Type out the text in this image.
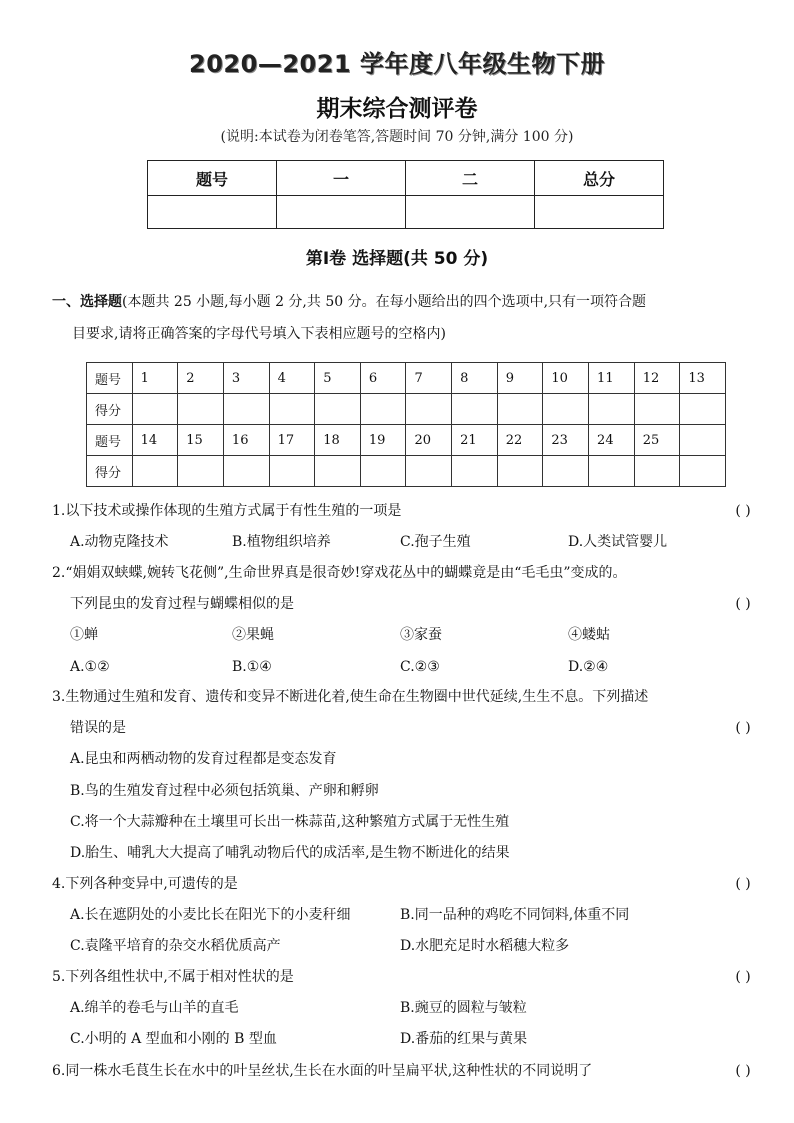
2020—2021 学年度八年级生物下册
期末综合测评卷
(说明:本试卷为闭卷笔答,答题时间 70 分钟,满分 100 分)
题号	一	二	总分

第Ⅰ卷 选择题(共 50 分)
一、选择题(本题共 25 小题,每小题 2 分,共 50 分。在每小题给出的四个选项中,只有一项符合题
目要求,请将正确答案的字母代号填入下表相应题号的空格内)
题号	1	2	3	4	5	6	7	8	9	10	11	12	13
得分													
题号	14	15	16	17	18	19	20	21	22	23	24	25	
得分													
1.以下技术或操作体现的生殖方式属于有性生殖的一项是	( )
A.动物克隆技术	B.植物组织培养	C.孢子生殖	D.人类试管婴儿
2.“娟娟双蛱蝶,婉转飞花侧”,生命世界真是很奇妙!穿戏花丛中的蝴蝶竟是由“毛毛虫”变成的。
下列昆虫的发育过程与蝴蝶相似的是	( )
①蝉	②果蝇	③家蚕	④蝼蛄
A.①②	B.①④	C.②③	D.②④
3.生物通过生殖和发育、遗传和变异不断进化着,使生命在生物圈中世代延续,生生不息。下列描述
错误的是	( )
A.昆虫和两栖动物的发育过程都是变态发育
B.鸟的生殖发育过程中必须包括筑巢、产卵和孵卵
C.将一个大蒜瓣种在土壤里可长出一株蒜苗,这种繁殖方式属于无性生殖
D.胎生、哺乳大大提高了哺乳动物后代的成活率,是生物不断进化的结果
4.下列各种变异中,可遗传的是	( )
A.长在遮阴处的小麦比长在阳光下的小麦秆细	B.同一品种的鸡吃不同饲料,体重不同
C.袁隆平培育的杂交水稻优质高产	D.水肥充足时水稻穗大粒多
5.下列各组性状中,不属于相对性状的是	( )
A.绵羊的卷毛与山羊的直毛	B.豌豆的圆粒与皱粒
C.小明的 A 型血和小刚的 B 型血	D.番茄的红果与黄果
6.同一株水毛茛生长在水中的叶呈丝状,生长在水面的叶呈扁平状,这种性状的不同说明了	( )
